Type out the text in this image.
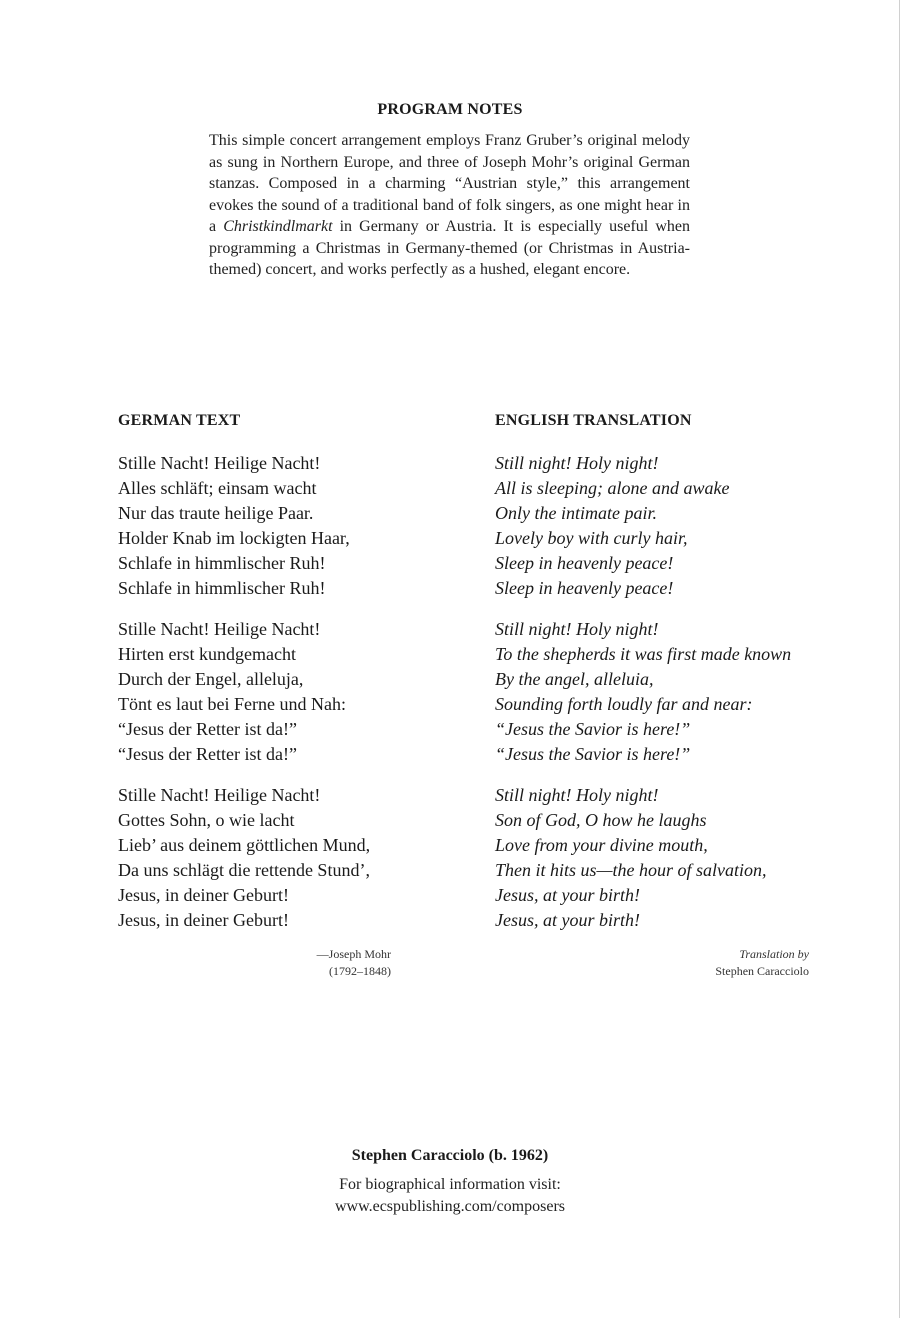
PROGRAM NOTES
This simple concert arrangement employs Franz Gruber’s original melody as sung in Northern Europe, and three of Joseph Mohr’s original German stanzas. Composed in a charming “Austrian style,” this arrangement evokes the sound of a traditional band of folk singers, as one might hear in a Christkindlmarkt in Germany or Austria. It is especially useful when programming a Christmas in Germany-themed (or Christmas in Austria-themed) concert, and works perfectly as a hushed, elegant encore.
GERMAN TEXT
Stille Nacht! Heilige Nacht!
Alles schläft; einsam wacht
Nur das traute heilige Paar.
Holder Knab im lockigten Haar,
Schlafe in himmlischer Ruh!
Schlafe in himmlischer Ruh!
Stille Nacht! Heilige Nacht!
Hirten erst kundgemacht
Durch der Engel, alleluja,
Tönt es laut bei Ferne und Nah:
“Jesus der Retter ist da!”
“Jesus der Retter ist da!”
Stille Nacht! Heilige Nacht!
Gottes Sohn, o wie lacht
Lieb’ aus deinem göttlichen Mund,
Da uns schlägt die rettende Stund’,
Jesus, in deiner Geburt!
Jesus, in deiner Geburt!
ENGLISH TRANSLATION
Still night! Holy night!
All is sleeping; alone and awake
Only the intimate pair.
Lovely boy with curly hair,
Sleep in heavenly peace!
Sleep in heavenly peace!
Still night! Holy night!
To the shepherds it was first made known
By the angel, alleluia,
Sounding forth loudly far and near:
“Jesus the Savior is here!”
“Jesus the Savior is here!”
Still night! Holy night!
Son of God, O how he laughs
Love from your divine mouth,
Then it hits us—the hour of salvation,
Jesus, at your birth!
Jesus, at your birth!
—Joseph Mohr
(1792–1848)
Translation by
Stephen Caracciolo
Stephen Caracciolo (b. 1962)
For biographical information visit:
www.ecspublishing.com/composers
